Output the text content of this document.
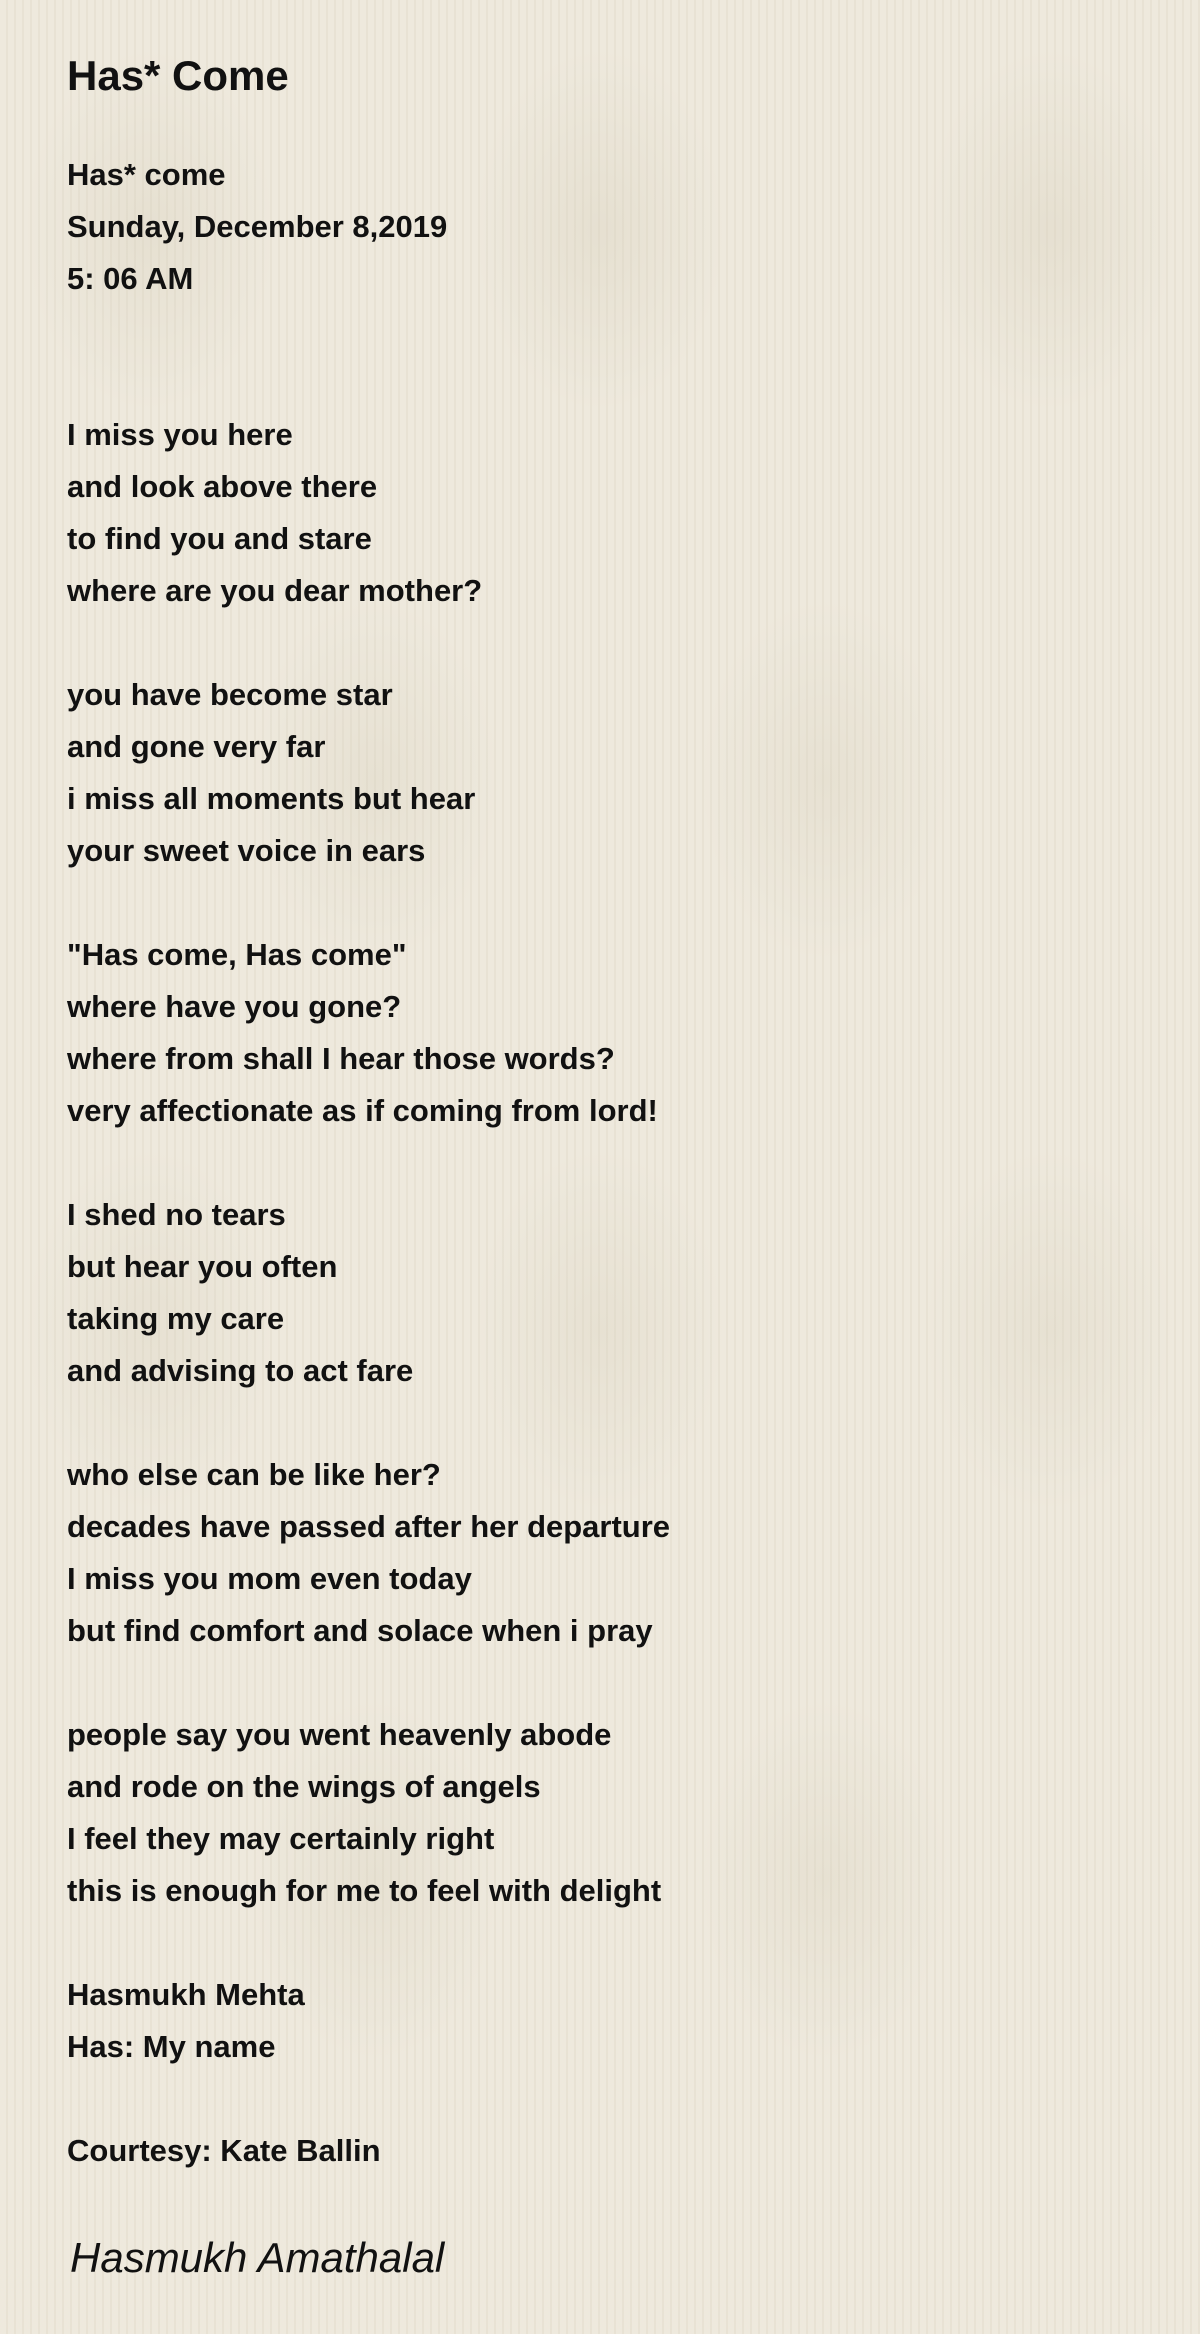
Has* Come
Has* come
Sunday, December 8,2019
5: 06 AM
I miss you here
and look above there
to find you and stare
where are you dear mother?
you have become star
and gone very far
i miss all moments but hear
your sweet voice in ears
"Has come, Has come"
where have you gone?
where from shall I hear those words?
very affectionate as if coming from lord!
I shed no tears
but hear you often
taking my care
and advising to act fare
who else can be like her?
decades have passed after her departure
I miss you mom even today
but find comfort and solace when i pray
people say you went heavenly abode
and rode on the wings of angels
I feel they may certainly right
this is enough for me to feel with delight
Hasmukh Mehta
Has: My name
Courtesy: Kate Ballin
Hasmukh Amathalal
